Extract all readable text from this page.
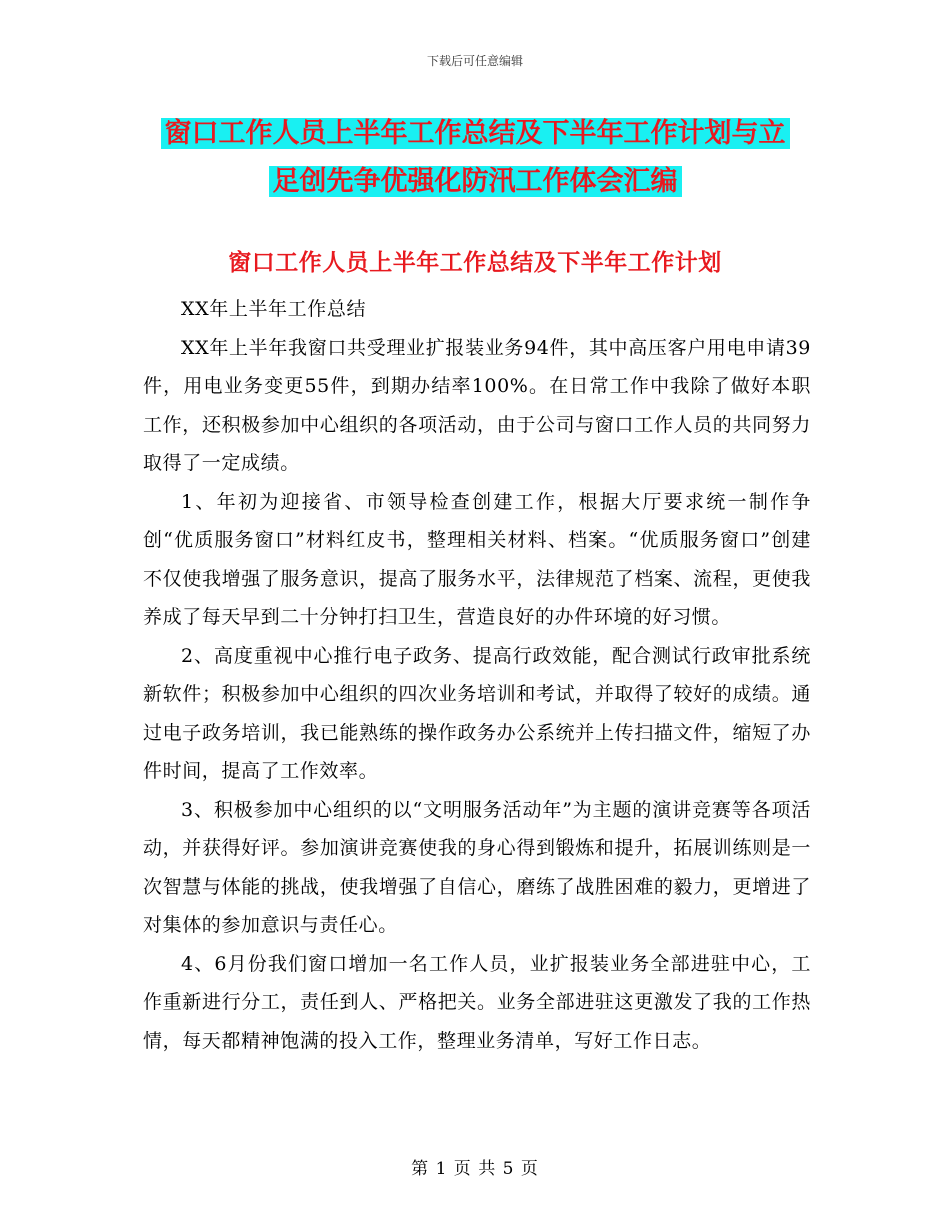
下载后可任意编辑
窗口工作人员上半年工作总结及下半年工作计划与立
足创先争优强化防汛工作体会汇编
窗口工作人员上半年工作总结及下半年工作计划

XX年上半年工作总结

XX年上半年我窗口共受理业扩报装业务94件，其中高压客户用电申请39件，用电业务变更55件，到期办结率100%。在日常工作中我除了做好本职工作，还积极参加中心组织的各项活动，由于公司与窗口工作人员的共同努力取得了一定成绩。

1、年初为迎接省、市领导检查创建工作，根据大厅要求统一制作争创“优质服务窗口”材料红皮书，整理相关材料、档案。“优质服务窗口”创建不仅使我增强了服务意识，提高了服务水平，法律规范了档案、流程，更使我养成了每天早到二十分钟打扫卫生，营造良好的办件环境的好习惯。

2、高度重视中心推行电子政务、提高行政效能，配合测试行政审批系统新软件；积极参加中心组织的四次业务培训和考试，并取得了较好的成绩。通过电子政务培训，我已能熟练的操作政务办公系统并上传扫描文件，缩短了办件时间，提高了工作效率。

3、积极参加中心组织的以“文明服务活动年”为主题的演讲竞赛等各项活动，并获得好评。参加演讲竞赛使我的身心得到锻炼和提升，拓展训练则是一次智慧与体能的挑战，使我增强了自信心，磨练了战胜困难的毅力，更增进了对集体的参加意识与责任心。

4、6月份我们窗口增加一名工作人员，业扩报装业务全部进驻中心，工作重新进行分工，责任到人、严格把关。业务全部进驻这更激发了我的工作热情，每天都精神饱满的投入工作，整理业务清单，写好工作日志。

第 1 页 共 5 页
